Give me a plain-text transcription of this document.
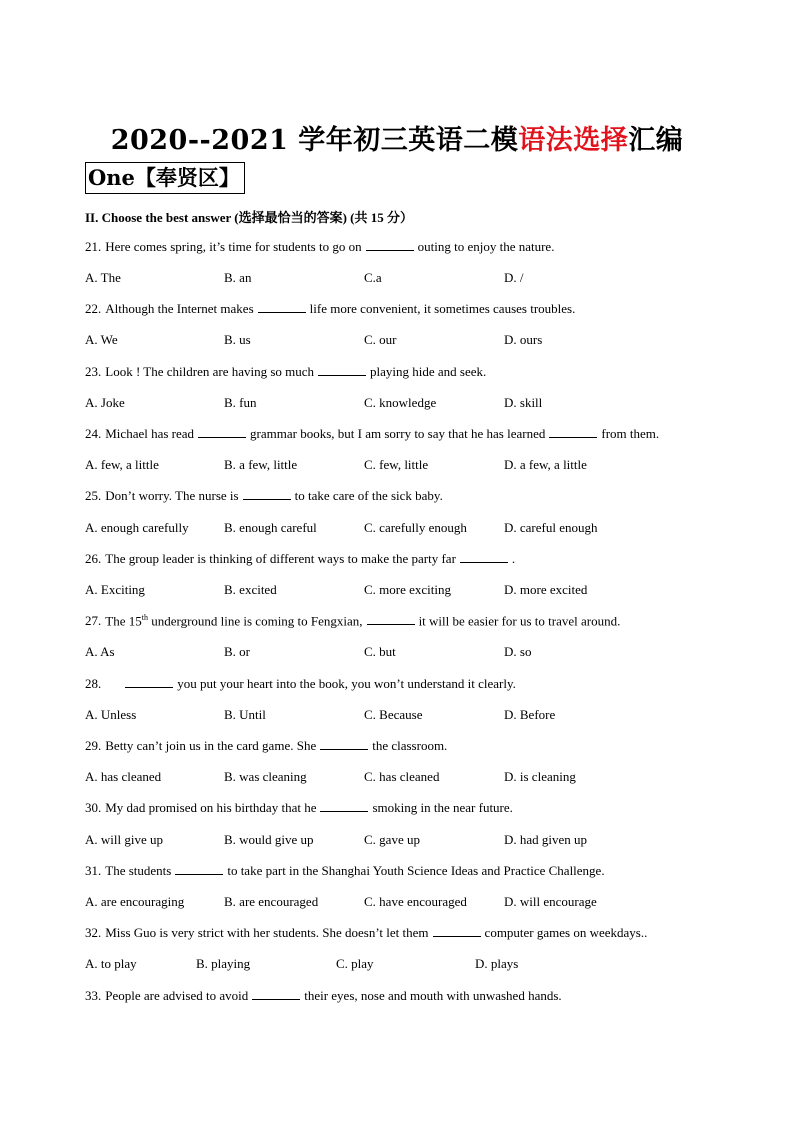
2020--2021 学年初三英语二模语法选择汇编
One【奉贤区】
II. Choose the best answer (选择最恰当的答案) (共 15 分）
21. Here comes spring, it’s time for students to go on	outing to enjoy the nature.
A. The	B. an	C.a	D. /
22. Although the Internet makes	life more convenient, it sometimes causes troubles.
A. We	B. us	C. our	D. ours
23. Look ! The children are having so much	playing hide and seek.
A. Joke	B. fun	C. knowledge	D. skill
24. Michael has read	grammar books, but I am sorry to say that he has learned	from them.
A. few, a little	B. a few, little	C. few, little	D. a few, a little
25. Don’t worry. The nurse is	to take care of the sick baby.
A. enough carefully	B. enough careful	C. carefully enough	D. careful enough
26. The group leader is thinking of different ways to make the party far	.
A. Exciting	B. excited	C. more exciting	D. more excited
27. The 15th underground line is coming to Fengxian,	it will be easier for us to travel around.
A. As	B. or	C. but	D. so
28.	you put your heart into the book, you won’t understand it clearly.
A. Unless	B. Until	C. Because	D. Before
29. Betty can’t join us in the card game. She	the classroom.
A. has cleaned	B. was cleaning	C. has cleaned	D. is cleaning
30. My dad promised on his birthday that he	smoking in the near future.
A. will give up	B. would give up	C. gave up	D. had given up
31. The students	to take part in the Shanghai Youth Science Ideas and Practice Challenge.
A. are encouraging	B. are encouraged	C. have encouraged	D. will encourage
32. Miss Guo is very strict with her students. She doesn’t let them	computer games on weekdays..
A. to play	B. playing	C. play	D. plays
33. People are advised to avoid	their eyes, nose and mouth with unwashed hands.
